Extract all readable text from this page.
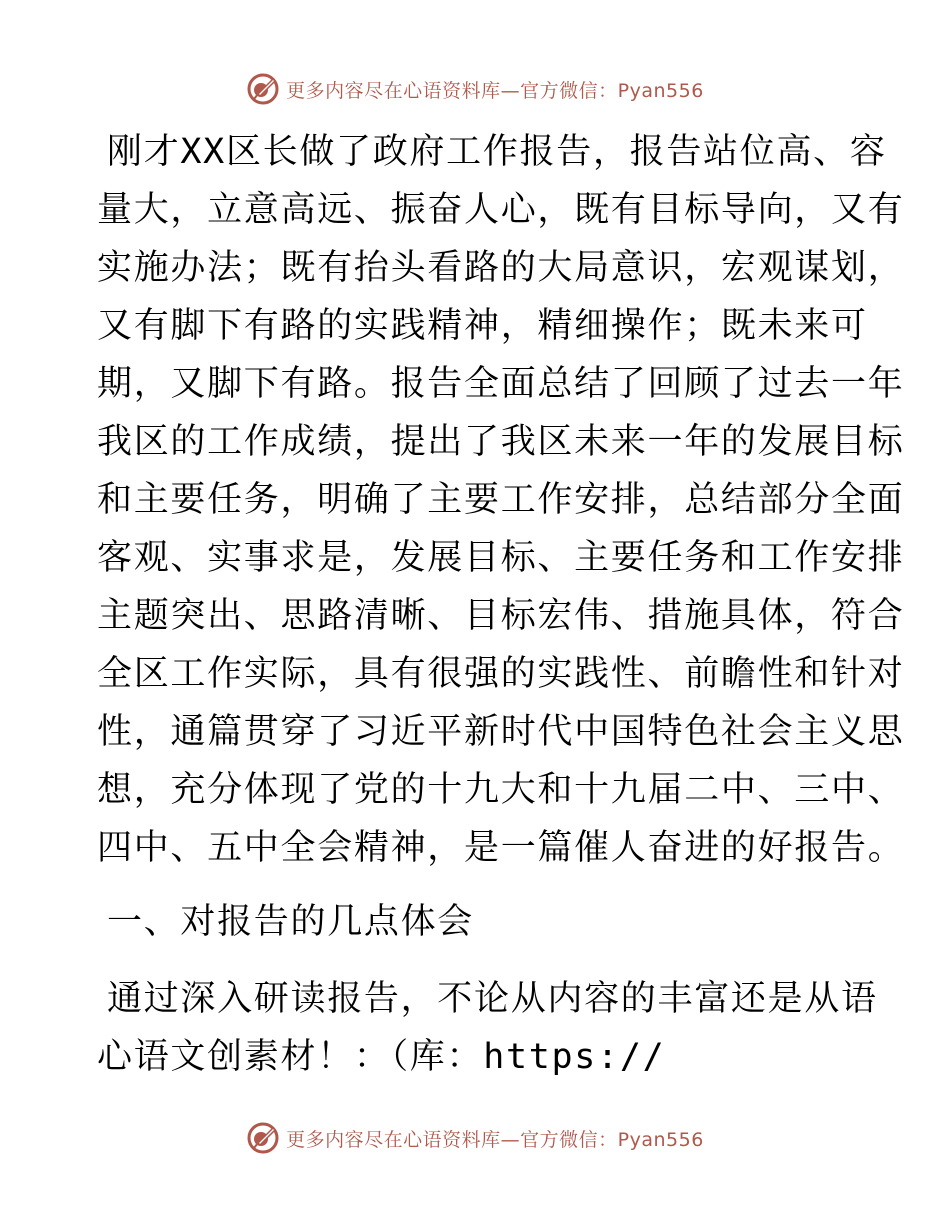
更多内容尽在心语资料库—官方微信：Pyan556
刚才XX区长做了政府工作报告，报告站位高、容
量大，立意高远、振奋人心，既有目标导向，又有
实施办法；既有抬头看路的大局意识，宏观谋划，
又有脚下有路的实践精神，精细操作；既未来可
期，又脚下有路。报告全面总结了回顾了过去一年
我区的工作成绩，提出了我区未来一年的发展目标
和主要任务，明确了主要工作安排，总结部分全面
客观、实事求是，发展目标、主要任务和工作安排
主题突出、思路清晰、目标宏伟、措施具体，符合
全区工作实际，具有很强的实践性、前瞻性和针对
性，通篇贯穿了习近平新时代中国特色社会主义思
想，充分体现了党的十九大和十九届二中、三中、
四中、五中全会精神，是一篇催人奋进的好报告。
一、对报告的几点体会
通过深入研读报告，不论从内容的丰富还是从语
心语文创素材！：（库：https://
更多内容尽在心语资料库—官方微信：Pyan556
